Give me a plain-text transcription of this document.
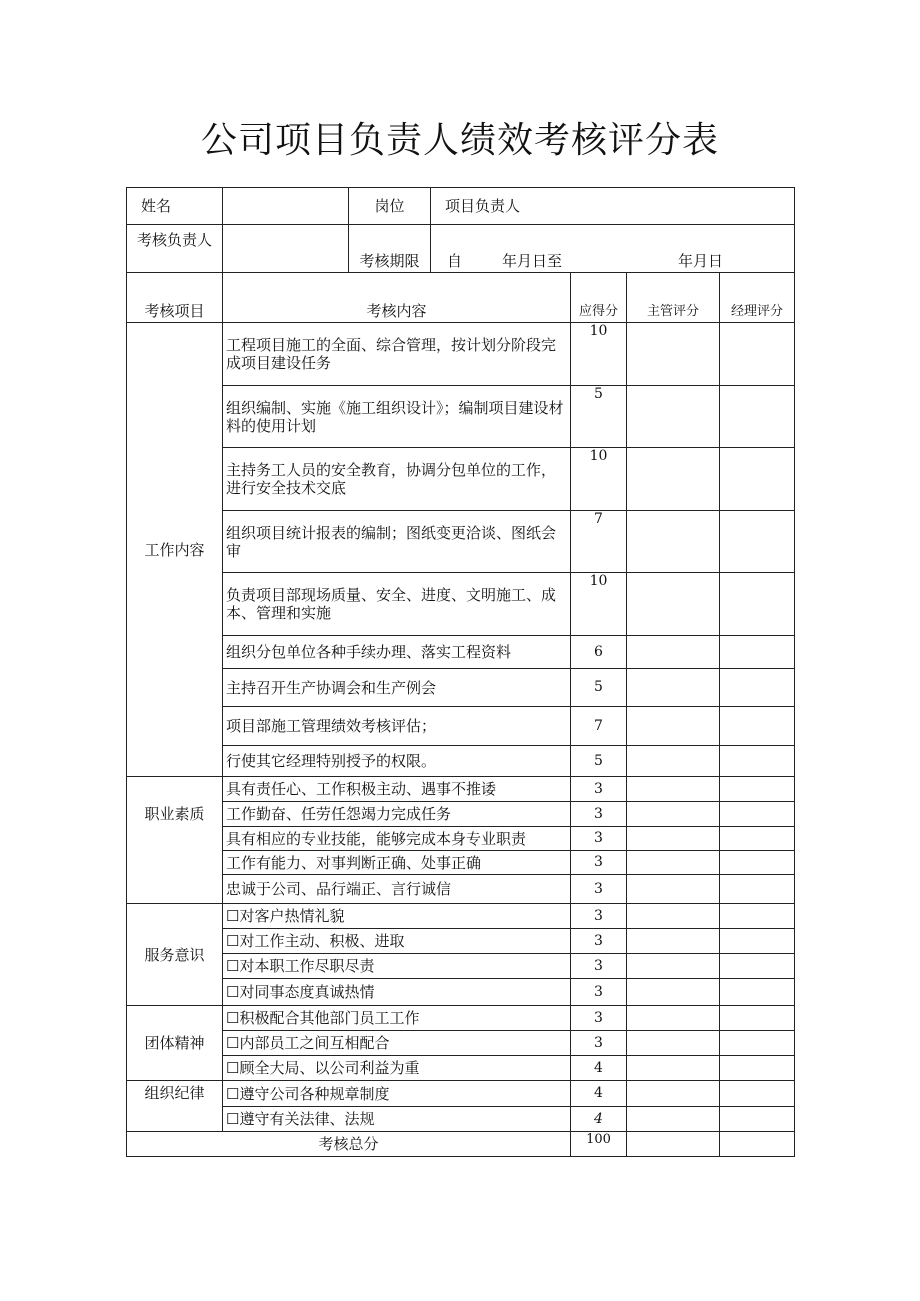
公司项目负责人绩效考核评分表
姓名		岗位	项目负责人			
考核负责人		考核期限	自 年月日至 年月日			
考核项目	考核内容			应得分	主管评分	经理评分
工作内容	工程项目施工的全面、综合管理，按计划分阶段完成项目建设任务			10		
	组织编制、实施《施工组织设计》；编制项目建设材料的使用计划			5		
	主持务工人员的安全教育，协调分包单位的工作，进行安全技术交底			10		
	组织项目统计报表的编制；图纸变更洽谈、图纸会审			7		
	负责项目部现场质量、安全、进度、文明施工、成本、管理和实施			10		
	组织分包单位各种手续办理、落实工程资料			6		
	主持召开生产协调会和生产例会			5		
	项目部施工管理绩效考核评估；			7		
	行使其它经理特别授予的权限。			5		
职业素质	具有责任心、工作积极主动、遇事不推诿			3		
	工作勤奋、任劳任怨竭力完成任务			3		
	具有相应的专业技能，能够完成本身专业职责			3		
	工作有能力、对事判断正确、处事正确			3		
	忠诚于公司、品行端正、言行诚信			3		
服务意识	☐对客户热情礼貌			3		
	☐对工作主动、积极、进取			3		
	☐对本职工作尽职尽责			3		
	☐对同事态度真诚热情			3		
团体精神	☐积极配合其他部门员工工作			3		
	☐内部员工之间互相配合			3		
	☐顾全大局、以公司利益为重			4		
组织纪律	☐遵守公司各种规章制度			4		
	☐遵守有关法律、法规			4		
考核总分				100		
